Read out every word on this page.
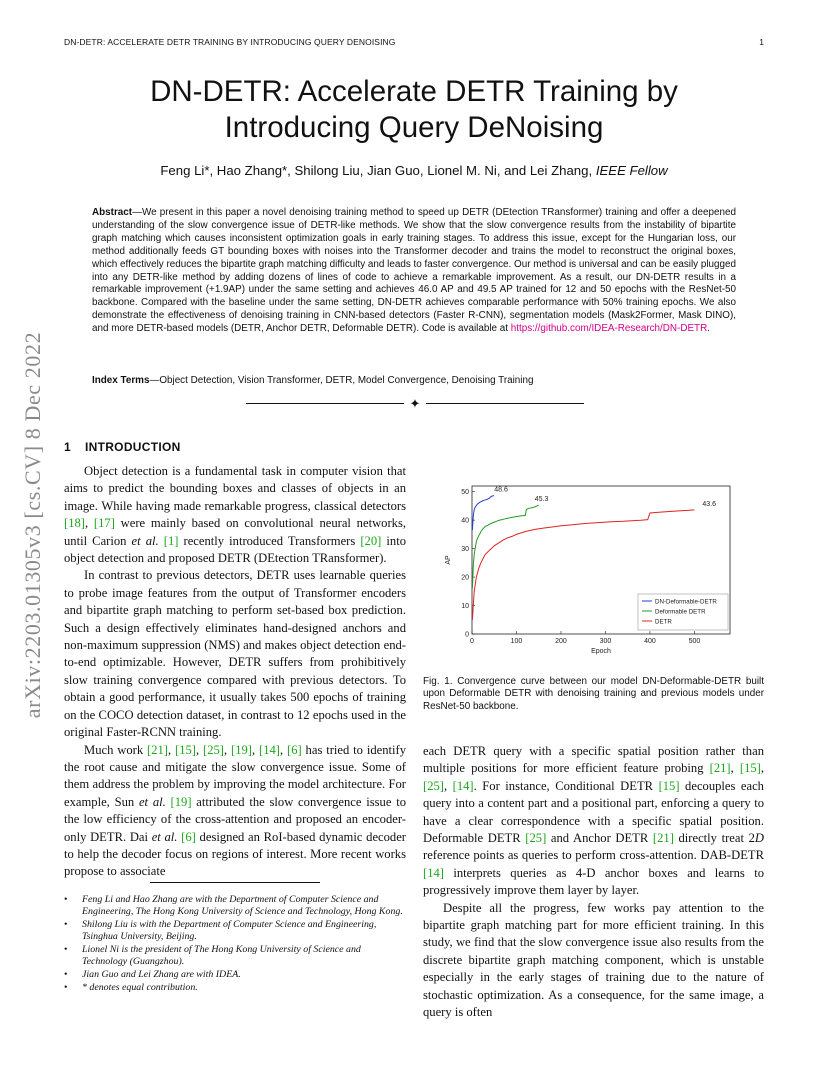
DN-DETR: ACCELERATE DETR TRAINING BY INTRODUCING QUERY DENOISING	1
arXiv:2203.01305v3 [cs.CV] 8 Dec 2022
DN-DETR: Accelerate DETR Training by
Introducing Query DeNoising
Feng Li*, Hao Zhang*, Shilong Liu, Jian Guo, Lionel M. Ni, and Lei Zhang, IEEE Fellow
Abstract—We present in this paper a novel denoising training method to speed up DETR (DEtection TRansformer) training and offer a deepened understanding of the slow convergence issue of DETR-like methods. We show that the slow convergence results from the instability of bipartite graph matching which causes inconsistent optimization goals in early training stages. To address this issue, except for the Hungarian loss, our method additionally feeds GT bounding boxes with noises into the Transformer decoder and trains the model to reconstruct the original boxes, which effectively reduces the bipartite graph matching difficulty and leads to faster convergence. Our method is universal and can be easily plugged into any DETR-like method by adding dozens of lines of code to achieve a remarkable improvement. As a result, our DN-DETR results in a remarkable improvement (+1.9AP) under the same setting and achieves 46.0 AP and 49.5 AP trained for 12 and 50 epochs with the ResNet-50 backbone. Compared with the baseline under the same setting, DN-DETR achieves comparable performance with 50% training epochs. We also demonstrate the effectiveness of denoising training in CNN-based detectors (Faster R-CNN), segmentation models (Mask2Former, Mask DINO), and more DETR-based models (DETR, Anchor DETR, Deformable DETR). Code is available at https://github.com/IDEA-Research/DN-DETR.
Index Terms—Object Detection, Vision Transformer, DETR, Model Convergence, Denoising Training
✦
1 INTRODUCTION

Object detection is a fundamental task in computer vision that aims to predict the bounding boxes and classes of objects in an image. While having made remarkable progress, classical detectors [18], [17] were mainly based on convolutional neural networks, until Carion et al. [1] recently introduced Transformers [20] into object detection and proposed DETR (DEtection TRansformer).

In contrast to previous detectors, DETR uses learnable queries to probe image features from the output of Transformer encoders and bipartite graph matching to perform set-based box prediction. Such a design effectively eliminates hand-designed anchors and non-maximum suppression (NMS) and makes object detection end-to-end optimizable. However, DETR suffers from prohibitively slow training convergence compared with previous detectors. To obtain a good performance, it usually takes 500 epochs of training on the COCO detection dataset, in contrast to 12 epochs used in the original Faster-RCNN training.

Much work [21], [15], [25], [19], [14], [6] has tried to identify the root cause and mitigate the slow convergence issue. Some of them address the problem by improving the model architecture. For example, Sun et al. [19] attributed the slow convergence issue to the low efficiency of the cross-attention and proposed an encoder-only DETR. Dai et al. [6] designed an RoI-based dynamic decoder to help the decoder focus on regions of interest. More recent works propose to associate

• Feng Li and Hao Zhang are with the Department of Computer Science and Engineering, The Hong Kong University of Science and Technology, Hong Kong.
• Shilong Liu is with the Department of Computer Science and Engineering, Tsinghua University, Beijing.
• Lionel Ni is the president of The Hong Kong University of Science and Technology (Guangzhou).
• Jian Guo and Lei Zhang are with IDEA.
• * denotes equal contribution.
0	100	200	300	400	500
0
10
20
30
40
50
Epoch
AP
48.6
45.3
43.6
DN-Deformable-DETR
Deformable DETR
DETR
Fig. 1. Convergence curve between our model DN-Deformable-DETR built upon Deformable DETR with denoising training and previous models under ResNet-50 backbone.

each DETR query with a specific spatial position rather than multiple positions for more efficient feature probing [21], [15], [25], [14]. For instance, Conditional DETR [15] decouples each query into a content part and a positional part, enforcing a query to have a clear correspondence with a specific spatial position. Deformable DETR [25] and Anchor DETR [21] directly treat 2D reference points as queries to perform cross-attention. DAB-DETR [14] interprets queries as 4-D anchor boxes and learns to progressively improve them layer by layer.

Despite all the progress, few works pay attention to the bipartite graph matching part for more efficient training. In this study, we find that the slow convergence issue also results from the discrete bipartite graph matching component, which is unstable especially in the early stages of training due to the nature of stochastic optimization. As a consequence, for the same image, a query is often
